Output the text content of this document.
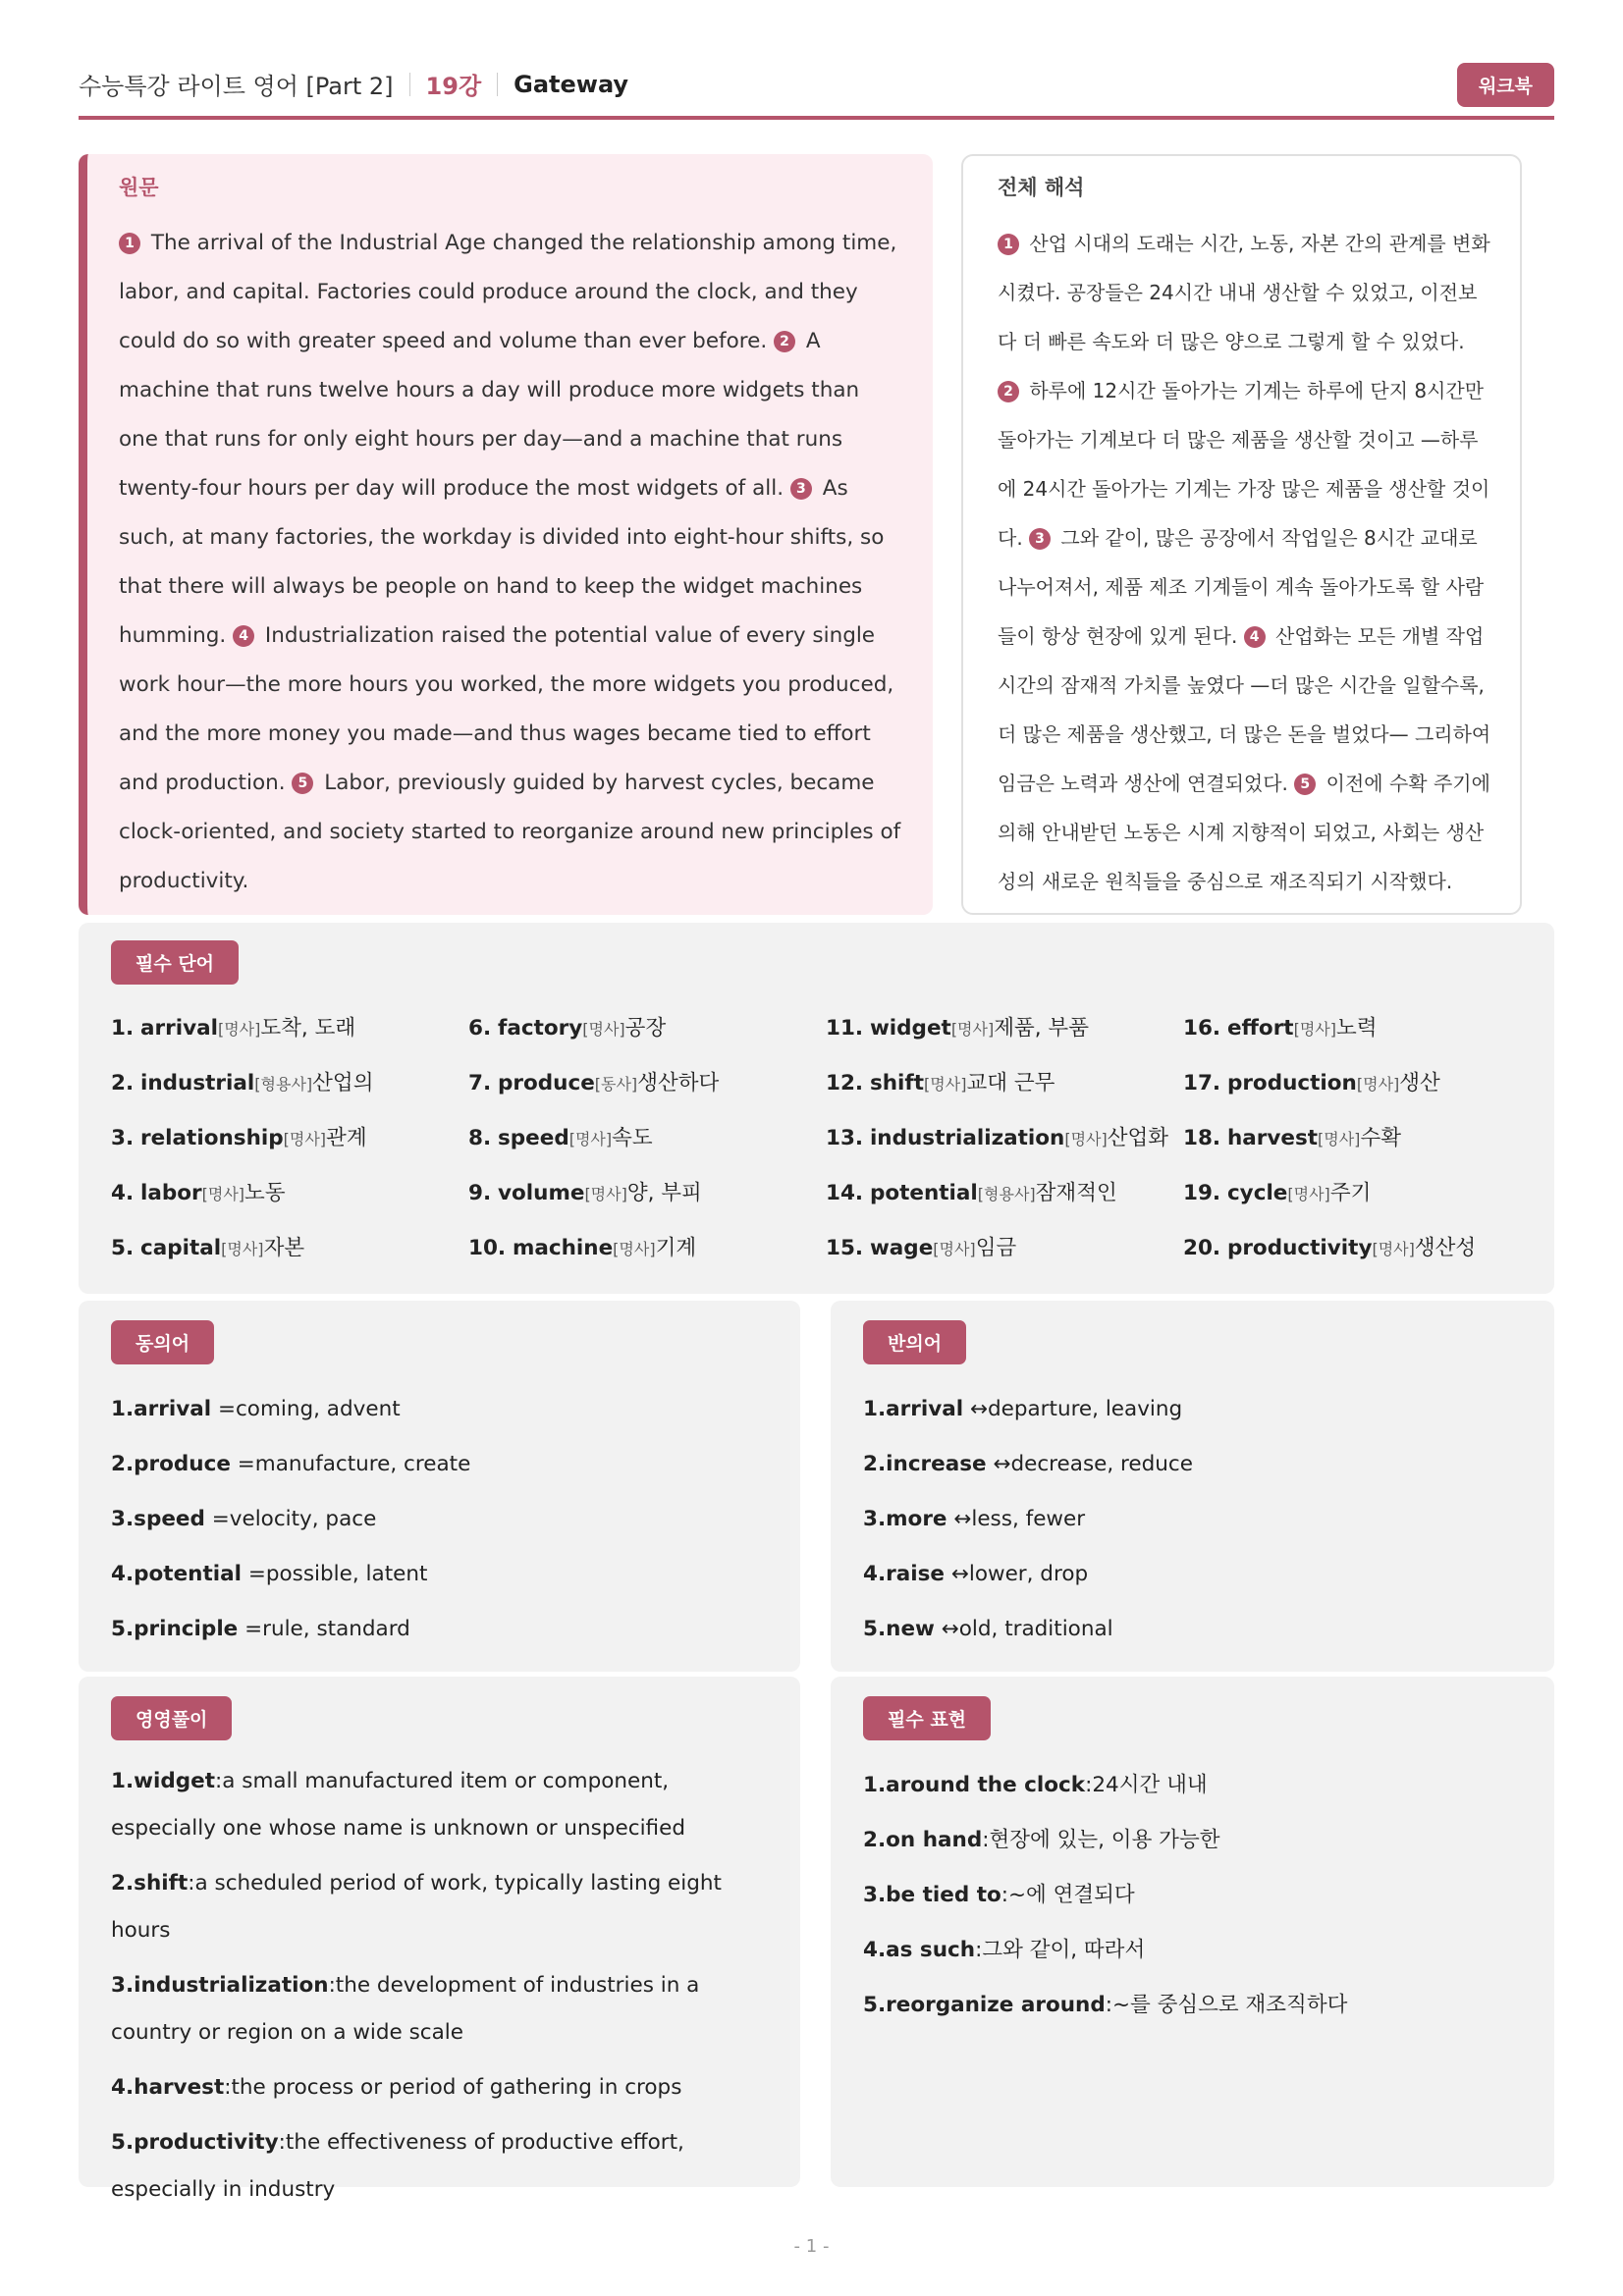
수능특강 라이트 영어 [Part 2] 19강 Gateway	워크북
원문
1 The arrival of the Industrial Age changed the relationship among time, labor, and capital. Factories could produce around the clock, and they could do so with greater speed and volume than ever before. 2 A machine that runs twelve hours a day will produce more widgets than one that runs for only eight hours per day—and a machine that runs twenty-four hours per day will produce the most widgets of all. 3 As such, at many factories, the workday is divided into eight-hour shifts, so that there will always be people on hand to keep the widget machines humming. 4 Industrialization raised the potential value of every single work hour—the more hours you worked, the more widgets you produced, and the more money you made—and thus wages became tied to effort and production. 5 Labor, previously guided by harvest cycles, became clock-oriented, and society started to reorganize around new principles of productivity.
전체 해석
1 산업 시대의 도래는 시간, 노동, 자본 간의 관계를 변화시켰다. 공장들은 24시간 내내 생산할 수 있었고, 이전보다 더 빠른 속도와 더 많은 양으로 그렇게 할 수 있었다. 2 하루에 12시간 돌아가는 기계는 하루에 단지 8시간만 돌아가는 기계보다 더 많은 제품을 생산할 것이고 —하루에 24시간 돌아가는 기계는 가장 많은 제품을 생산할 것이다. 3 그와 같이, 많은 공장에서 작업일은 8시간 교대로 나누어져서, 제품 제조 기계들이 계속 돌아가도록 할 사람들이 항상 현장에 있게 된다. 4 산업화는 모든 개별 작업 시간의 잠재적 가치를 높였다 —더 많은 시간을 일할수록, 더 많은 제품을 생산했고, 더 많은 돈을 벌었다— 그리하여 임금은 노력과 생산에 연결되었다. 5 이전에 수확 주기에 의해 안내받던 노동은 시계 지향적이 되었고, 사회는 생산성의 새로운 원칙들을 중심으로 재조직되기 시작했다.
필수 단어
1. arrival[명사]도착, 도래
2. industrial[형용사]산업의
3. relationship[명사]관계
4. labor[명사]노동
5. capital[명사]자본
6. factory[명사]공장
7. produce[동사]생산하다
8. speed[명사]속도
9. volume[명사]양, 부피
10. machine[명사]기계
11. widget[명사]제품, 부품
12. shift[명사]교대 근무
13. industrialization[명사]산업화
14. potential[형용사]잠재적인
15. wage[명사]임금
16. effort[명사]노력
17. production[명사]생산
18. harvest[명사]수확
19. cycle[명사]주기
20. productivity[명사]생산성
동의어
1.arrival =coming, advent
2.produce =manufacture, create
3.speed =velocity, pace
4.potential =possible, latent
5.principle =rule, standard
반의어
1.arrival ↔departure, leaving
2.increase ↔decrease, reduce
3.more ↔less, fewer
4.raise ↔lower, drop
5.new ↔old, traditional
영영풀이
1.widget:a small manufactured item or component, especially one whose name is unknown or unspecified
2.shift:a scheduled period of work, typically lasting eight hours
3.industrialization:the development of industries in a country or region on a wide scale
4.harvest:the process or period of gathering in crops
5.productivity:the effectiveness of productive effort, especially in industry
필수 표현
1.around the clock:24시간 내내
2.on hand:현장에 있는, 이용 가능한
3.be tied to:~에 연결되다
4.as such:그와 같이, 따라서
5.reorganize around:~를 중심으로 재조직하다
- 1 -
